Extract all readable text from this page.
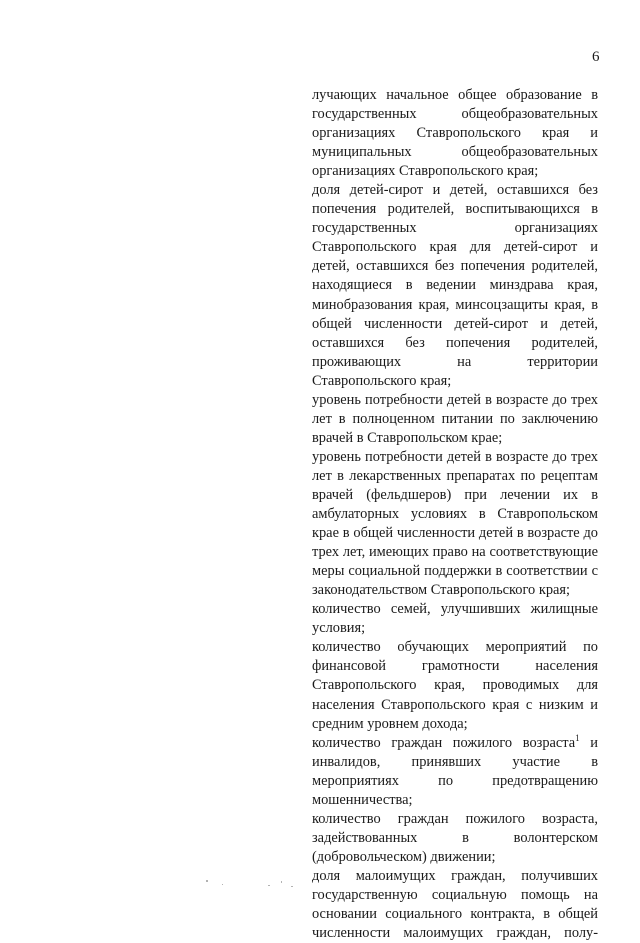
6

лучающих начальное общее образование в государственных общеобразовательных организациях Ставропольского края и муниципальных общеобразовательных организациях Ставропольского края;

доля детей-сирот и детей, оставшихся без попечения родителей, воспитывающихся в государственных организациях Ставропольского края для детей-сирот и детей, оставшихся без попечения родителей, находящиеся в ведении минздрава края, минобразования края, минсоцзащиты края, в общей численности детей-сирот и детей, оставшихся без попечения родителей, проживающих на территории Ставропольского края;

уровень потребности детей в возрасте до трех лет в полноценном питании по заключению врачей в Ставропольском крае;

уровень потребности детей в возрасте до трех лет в лекарственных препаратах по рецептам врачей (фельдшеров) при лечении их в амбулаторных условиях в Ставропольском крае в общей численности детей в возрасте до трех лет, имеющих право на соответствующие меры социальной поддержки в соответствии с законодательством Ставропольского края;

количество семей, улучшивших жилищные условия;

количество обучающих мероприятий по финансовой грамотности населения Ставропольского края, проводимых для населения Ставропольского края с низким и средним уровнем дохода;

количество граждан пожилого возраста$^1$ и инвалидов, принявших участие в мероприятиях по предотвращению мошенничества;

количество граждан пожилого возраста, задействованных в волонтерском (добровольческом) движении;

доля малоимущих граждан, получивших государственную социальную помощь на основании социального контракта, в общей численности малоимущих граждан, полу-
